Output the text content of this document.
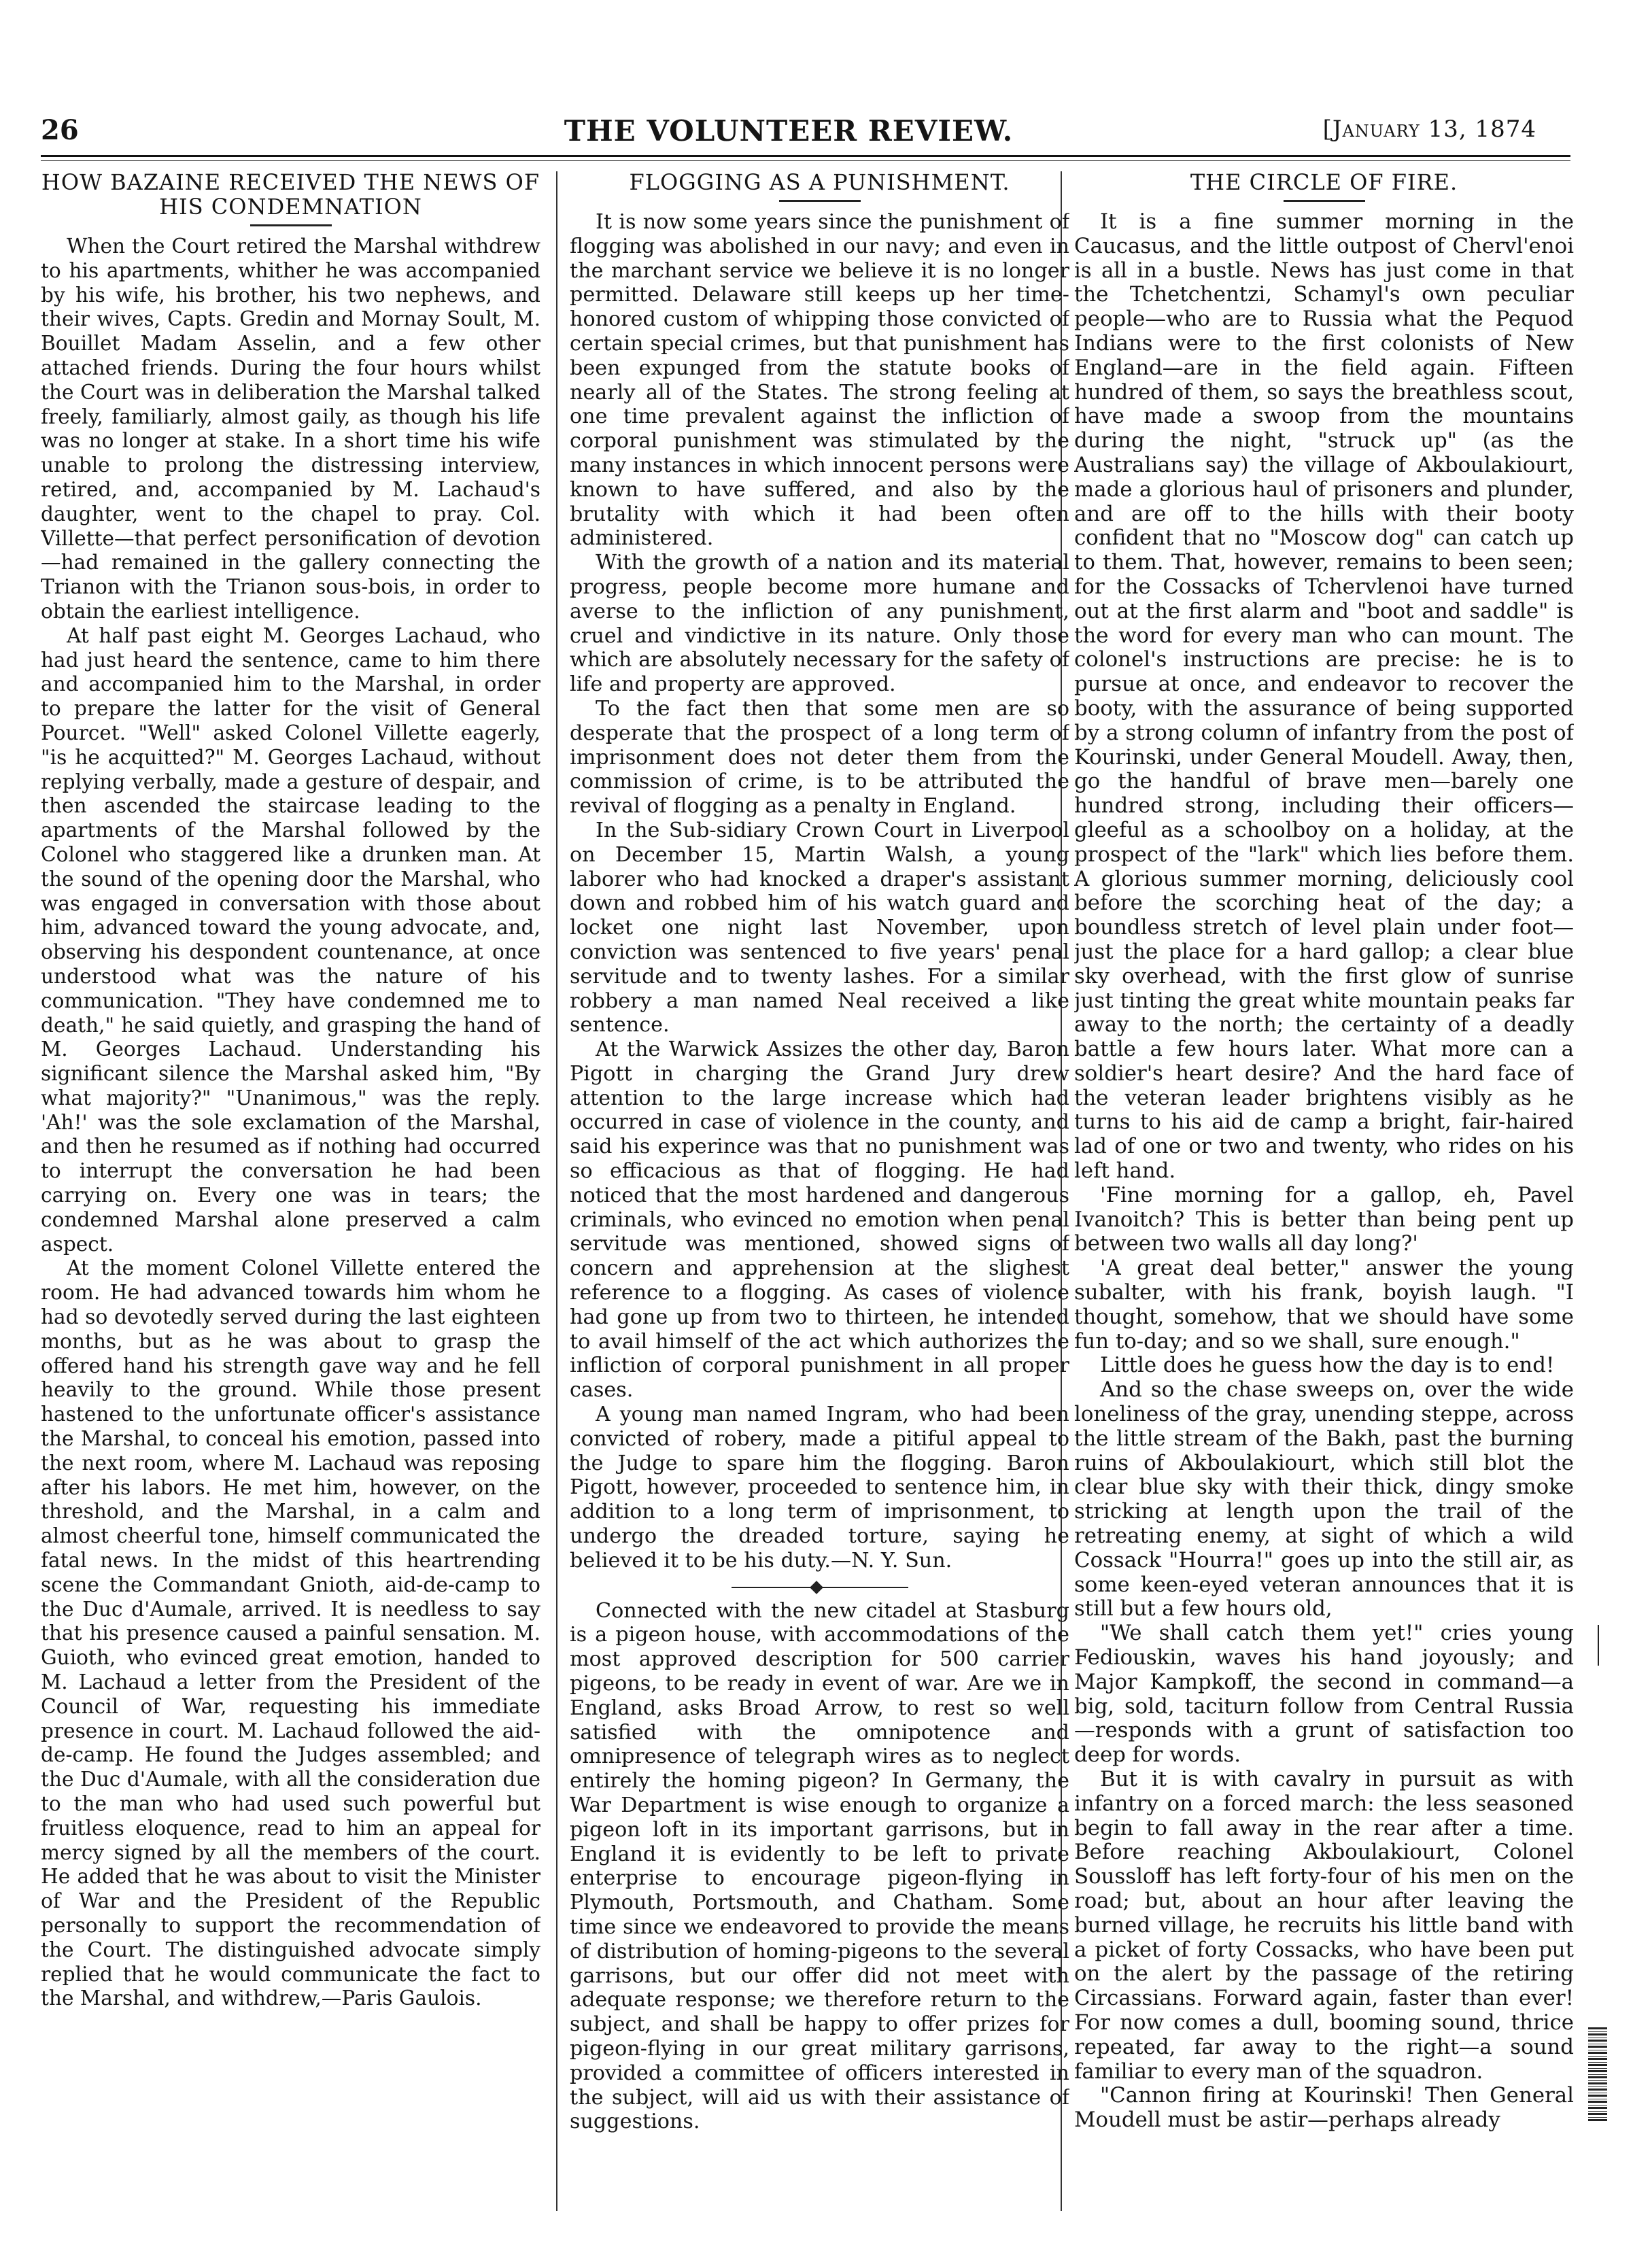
26	THE VOLUNTEER REVIEW.	[January 13, 1874
HOW BAZAINE RECEIVED THE NEWS OF HIS CONDEMNATION

When the Court retired the Marshal withdrew to his apartments, whither he was accompanied by his wife, his brother, his two nephews, and their wives, Capts. Gredin and Mornay Soult, M. Bouillet Madam Asselin, and a few other attached friends. During the four hours whilst the Court was in deliberation the Marshal talked freely, familiarly, almost gaily, as though his life was no longer at stake. In a short time his wife unable to prolong the distressing interview, retired, and, accompanied by M. Lachaud's daughter, went to the chapel to pray. Col. Villette—that perfect personification of devotion—had remained in the gallery connecting the Trianon with the Trianon sous-bois, in order to obtain the earliest intelligence.

At half past eight M. Georges Lachaud, who had just heard the sentence, came to him there and accompanied him to the Marshal, in order to prepare the latter for the visit of General Pourcet. "Well" asked Colonel Villette eagerly, "is he acquitted?" M. Georges Lachaud, without replying verbally, made a gesture of despair, and then ascended the staircase leading to the apartments of the Marshal followed by the Colonel who staggered like a drunken man. At the sound of the opening door the Marshal, who was engaged in conversation with those about him, advanced toward the young advocate, and, observing his despondent countenance, at once understood what was the nature of his communication. "They have condemned me to death," he said quietly, and grasping the hand of M. Georges Lachaud. Understanding his significant silence the Marshal asked him, "By what majority?" "Unanimous," was the reply. 'Ah!' was the sole exclamation of the Marshal, and then he resumed as if nothing had occurred to interrupt the conversation he had been carrying on. Every one was in tears; the condemned Marshal alone preserved a calm aspect.

At the moment Colonel Villette entered the room. He had advanced towards him whom he had so devotedly served during the last eighteen months, but as he was about to grasp the offered hand his strength gave way and he fell heavily to the ground. While those present hastened to the unfortunate officer's assistance the Marshal, to conceal his emotion, passed into the next room, where M. Lachaud was reposing after his labors. He met him, however, on the threshold, and the Marshal, in a calm and almost cheerful tone, himself communicated the fatal news. In the midst of this heartrending scene the Commandant Gnioth, aid-de-camp to the Duc d'Aumale, arrived. It is needless to say that his presence caused a painful sensation. M. Guioth, who evinced great emotion, handed to M. Lachaud a letter from the President of the Council of War, requesting his immediate presence in court. M. Lachaud followed the aid-de-camp. He found the Judges assembled; and the Duc d'Aumale, with all the consideration due to the man who had used such powerful but fruitless eloquence, read to him an appeal for mercy signed by all the members of the court. He added that he was about to visit the Minister of War and the President of the Republic personally to support the recommendation of the Court. The distinguished advocate simply replied that he would communicate the fact to the Marshal, and withdrew,—Paris Gaulois.

FLOGGING AS A PUNISHMENT.

It is now some years since the punishment of flogging was abolished in our navy; and even in the marchant service we believe it is no longer permitted. Delaware still keeps up her time-honored custom of whipping those convicted of certain special crimes, but that punishment has been expunged from the statute books of nearly all of the States. The strong feeling at one time prevalent against the infliction of corporal punishment was stimulated by the many instances in which innocent persons were known to have suffered, and also by the brutality with which it had been often administered.

With the growth of a nation and its material progress, people become more humane and averse to the infliction of any punishment, cruel and vindictive in its nature. Only those which are absolutely necessary for the safety of life and property are approved.

To the fact then that some men are so desperate that the prospect of a long term of imprisonment does not deter them from the commission of crime, is to be attributed the revival of flogging as a penalty in England.

In the Sub-sidiary Crown Court in Liverpool on December 15, Martin Walsh, a young laborer who had knocked a draper's assistant down and robbed him of his watch guard and locket one night last November, upon conviction was sentenced to five years' penal servitude and to twenty lashes. For a similar robbery a man named Neal received a like sentence.

At the Warwick Assizes the other day, Baron Pigott in charging the Grand Jury drew attention to the large increase which had occurred in case of violence in the county, and said his experince was that no punishment was so efficacious as that of flogging. He had noticed that the most hardened and dangerous criminals, who evinced no emotion when penal servitude was mentioned, showed signs of concern and apprehension at the slighest reference to a flogging. As cases of violence had gone up from two to thirteen, he intended to avail himself of the act which authorizes the infliction of corporal punishment in all proper cases.

A young man named Ingram, who had been convicted of robery, made a pitiful appeal to the Judge to spare him the flogging. Baron Pigott, however, proceeded to sentence him, in addition to a long term of imprisonment, to undergo the dreaded torture, saying he believed it to be his duty.—N. Y. Sun.

Connected with the new citadel at Stasburg is a pigeon house, with accommodations of the most approved description for 500 carrier pigeons, to be ready in event of war. Are we in England, asks Broad Arrow, to rest so well satisfied with the omnipotence and omnipresence of telegraph wires as to neglect entirely the homing pigeon? In Germany, the War Department is wise enough to organize a pigeon loft in its important garrisons, but in England it is evidently to be left to private enterprise to encourage pigeon-flying in Plymouth, Portsmouth, and Chatham. Some time since we endeavored to provide the means of distribution of homing-pigeons to the several garrisons, but our offer did not meet with adequate response; we therefore return to the subject, and shall be happy to offer prizes for pigeon-flying in our great military garrisons, provided a committee of officers interested in the subject, will aid us with their assistance of suggestions.

THE CIRCLE OF FIRE.

It is a fine summer morning in the Caucasus, and the little outpost of Chervl'enoi is all in a bustle. News has just come in that the Tchetchentzi, Schamyl's own peculiar people—who are to Russia what the Pequod Indians were to the first colonists of New England—are in the field again. Fifteen hundred of them, so says the breathless scout, have made a swoop from the mountains during the night, "struck up" (as the Australians say) the village of Akboulakiourt, made a glorious haul of prisoners and plunder, and are off to the hills with their booty confident that no "Moscow dog" can catch up to them. That, however, remains to been seen; for the Cossacks of Tchervlenoi have turned out at the first alarm and "boot and saddle" is the word for every man who can mount. The colonel's instructions are precise: he is to pursue at once, and endeavor to recover the booty, with the assurance of being supported by a strong column of infantry from the post of Kourinski, under General Moudell. Away, then, go the handful of brave men—barely one hundred strong, including their officers—gleeful as a schoolboy on a holiday, at the prospect of the "lark" which lies before them. A glorious summer morning, deliciously cool before the scorching heat of the day; a boundless stretch of level plain under foot—just the place for a hard gallop; a clear blue sky overhead, with the first glow of sunrise just tinting the great white mountain peaks far away to the north; the certainty of a deadly battle a few hours later. What more can a soldier's heart desire? And the hard face of the veteran leader brightens visibly as he turns to his aid de camp a bright, fair-haired lad of one or two and twenty, who rides on his left hand.

'Fine morning for a gallop, eh, Pavel Ivanoitch? This is better than being pent up between two walls all day long?'

'A great deal better," answer the young subalter, with his frank, boyish laugh. "I thought, somehow, that we should have some fun to-day; and so we shall, sure enough."

Little does he guess how the day is to end!

And so the chase sweeps on, over the wide loneliness of the gray, unending steppe, across the little stream of the Bakh, past the burning ruins of Akboulakiourt, which still blot the clear blue sky with their thick, dingy smoke stricking at length upon the trail of the retreating enemy, at sight of which a wild Cossack "Hourra!" goes up into the still air, as some keen-eyed veteran announces that it is still but a few hours old,

"We shall catch them yet!" cries young Fediouskin, waves his hand joyously; and Major Kampkoff, the second in command—a big, sold, taciturn follow from Central Russia—responds with a grunt of satisfaction too deep for words.

But it is with cavalry in pursuit as with infantry on a forced march: the less seasoned begin to fall away in the rear after a time. Before reaching Akboulakiourt, Colonel Soussloff has left forty-four of his men on the road; but, about an hour after leaving the burned village, he recruits his little band with a picket of forty Cossacks, who have been put on the alert by the passage of the retiring Circassians. Forward again, faster than ever! For now comes a dull, booming sound, thrice repeated, far away to the right—a sound familiar to every man of the squadron.

"Cannon firing at Kourinski! Then General Moudell must be astir—perhaps already
